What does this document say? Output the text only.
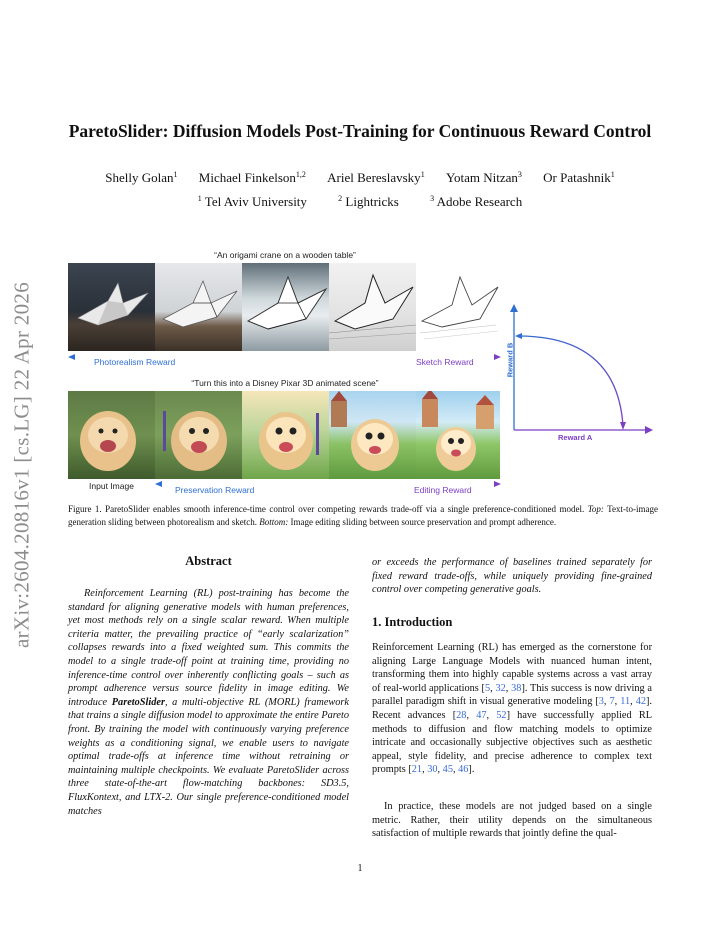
ParetoSlider: Diffusion Models Post-Training for Continuous Reward Control
Shelly Golan$^1$ Michael Finkelson$^{1,2}$ Ariel Bereslavsky$^1$ Yotam Nitzan$^3$ Or Patashnik$^1$
$^1$ Tel Aviv University	$^2$ Lightricks	$^3$ Adobe Research
arXiv:2604.20816v1 [cs.LG] 22 Apr 2026
“An origami crane on a wooden table”
Photorealism Reward	Sketch Reward
“Turn this into a Disney Pixar 3D animated scene”
Input Image	Preservation Reward	Editing Reward
Reward B
Reward A
Figure 1. ParetoSlider enables smooth inference-time control over competing rewards trade-off via a single preference-conditioned model. Top: Text-to-image generation sliding between photorealism and sketch. Bottom: Image editing sliding between source preservation and prompt adherence.
Abstract
Reinforcement Learning (RL) post-training has become the standard for aligning generative models with human preferences, yet most methods rely on a single scalar reward. When multiple criteria matter, the prevailing practice of “early scalarization” collapses rewards into a fixed weighted sum. This commits the model to a single trade-off point at training time, providing no inference-time control over inherently conflicting goals – such as prompt adherence versus source fidelity in image editing. We introduce ParetoSlider, a multi-objective RL (MORL) framework that trains a single diffusion model to approximate the entire Pareto front. By training the model with continuously varying preference weights as a conditioning signal, we enable users to navigate optimal trade-offs at inference time without retraining or maintaining multiple checkpoints. We evaluate ParetoSlider across three state-of-the-art flow-matching backbones: SD3.5, FluxKontext, and LTX-2. Our single preference-conditioned model matches
or exceeds the performance of baselines trained separately for fixed reward trade-offs, while uniquely providing fine-grained control over competing generative goals.
1. Introduction
Reinforcement Learning (RL) has emerged as the cornerstone for aligning Large Language Models with nuanced human intent, transforming them into highly capable systems across a vast array of real-world applications [5, 32, 38]. This success is now driving a parallel paradigm shift in visual generative modeling [3, 7, 11, 42]. Recent advances [28, 47, 52] have successfully applied RL methods to diffusion and flow matching models to optimize intricate and occasionally subjective objectives such as aesthetic appeal, style fidelity, and precise adherence to complex text prompts [21, 30, 45, 46].
In practice, these models are not judged based on a single metric. Rather, their utility depends on the simultaneous satisfaction of multiple rewards that jointly define the qual-
1
